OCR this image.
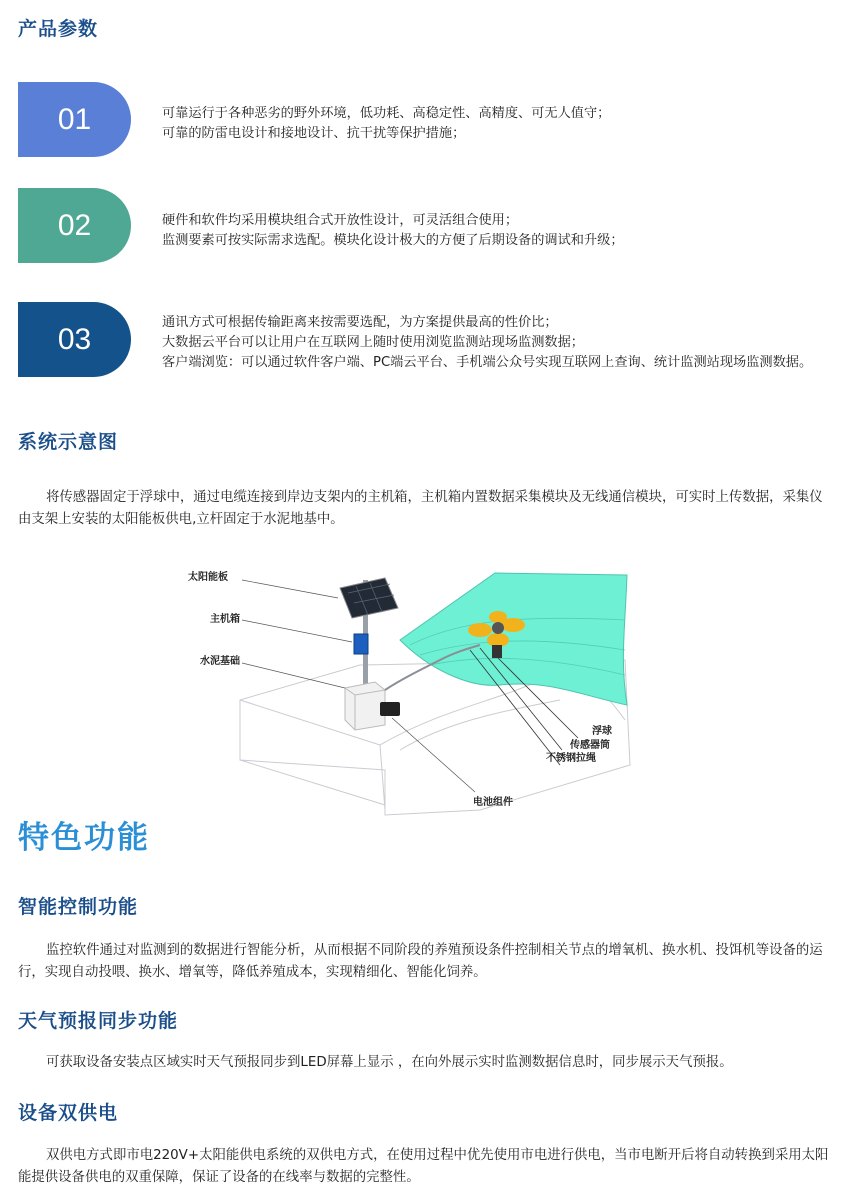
产品参数
01	可靠运行于各种恶劣的野外环境，低功耗、高稳定性、高精度、可无人值守；
可靠的防雷电设计和接地设计、抗干扰等保护措施；
02	硬件和软件均采用模块组合式开放性设计，可灵活组合使用；
监测要素可按实际需求选配。模块化设计极大的方便了后期设备的调试和升级；
03	通讯方式可根据传输距离来按需要选配，为方案提供最高的性价比；
大数据云平台可以让用户在互联网上随时使用浏览监测站现场监测数据；
客户端浏览：可以通过软件客户端、PC端云平台、手机端公众号实现互联网上查询、统计监测站现场监测数据。
系统示意图

将传感器固定于浮球中，通过电缆连接到岸边支架内的主机箱，主机箱内置数据采集模块及无线通信模块，可实时上传数据，采集仪由支架上安装的太阳能板供电,立杆固定于水泥地基中。

太阳能板
主机箱
水泥基础
浮球
传感器筒
不锈钢拉绳
电池组件
特色功能
智能控制功能

监控软件通过对监测到的数据进行智能分析，从而根据不同阶段的养殖预设条件控制相关节点的增氧机、换水机、投饵机等设备的运行，实现自动投喂、换水、增氧等，降低养殖成本，实现精细化、智能化饲养。

天气预报同步功能

可获取设备安装点区域实时天气预报同步到LED屏幕上显示 ，在向外展示实时监测数据信息时，同步展示天气预报。

设备双供电

双供电方式即市电220V+太阳能供电系统的双供电方式，在使用过程中优先使用市电进行供电，当市电断开后将自动转换到采用太阳能提供设备供电的双重保障，保证了设备的在线率与数据的完整性。
